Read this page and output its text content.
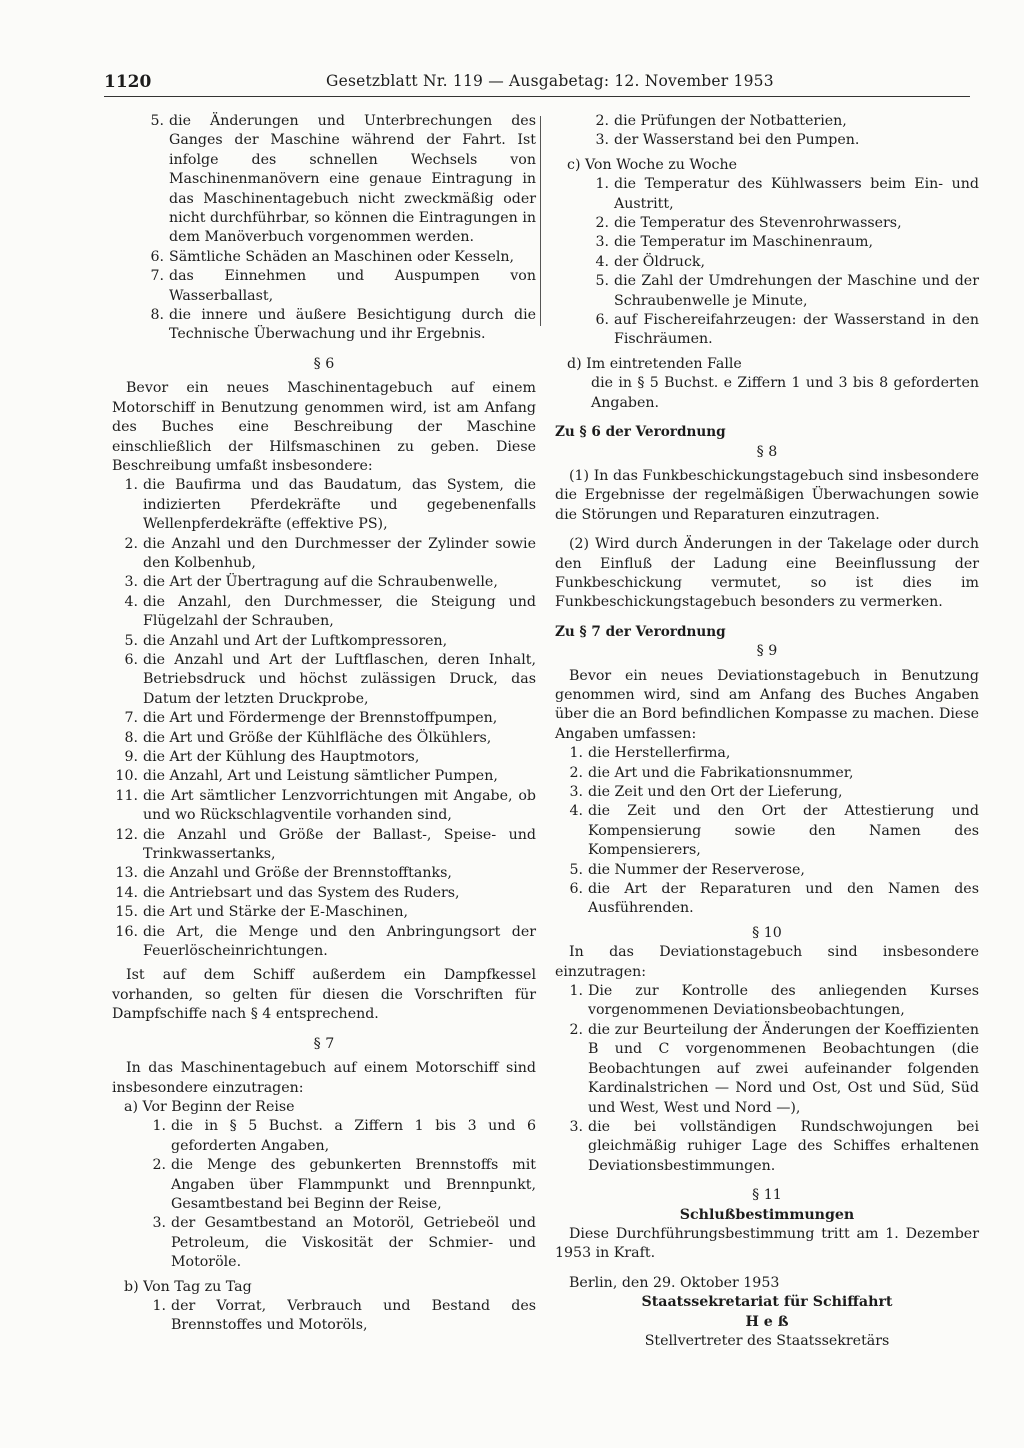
1120	Gesetzblatt Nr. 119 — Ausgabetag: 12. November 1953
5. die Änderungen und Unterbrechungen des Ganges der Maschine während der Fahrt. Ist infolge des schnellen Wechsels von Maschinenmanövern eine genaue Eintragung in das Maschinentagebuch nicht zweckmäßig oder nicht durchführbar, so können die Eintragungen in dem Manöverbuch vorgenommen werden.
6. Sämtliche Schäden an Maschinen oder Kesseln,
7. das Einnehmen und Auspumpen von Wasserballast,
8. die innere und äußere Besichtigung durch die Technische Überwachung und ihr Ergebnis.
§ 6
Bevor ein neues Maschinentagebuch auf einem Motorschiff in Benutzung genommen wird, ist am Anfang des Buches eine Beschreibung der Maschine einschließlich der Hilfsmaschinen zu geben. Diese Beschreibung umfaßt insbesondere:
1. die Baufirma und das Baudatum, das System, die indizierten Pferdekräfte und gegebenenfalls Wellenpferdekräfte (effektive PS),
2. die Anzahl und den Durchmesser der Zylinder sowie den Kolbenhub,
3. die Art der Übertragung auf die Schraubenwelle,
4. die Anzahl, den Durchmesser, die Steigung und Flügelzahl der Schrauben,
5. die Anzahl und Art der Luftkompressoren,
6. die Anzahl und Art der Luftflaschen, deren Inhalt, Betriebsdruck und höchst zulässigen Druck, das Datum der letzten Druckprobe,
7. die Art und Fördermenge der Brennstoffpumpen,
8. die Art und Größe der Kühlfläche des Ölkühlers,
9. die Art der Kühlung des Hauptmotors,
10. die Anzahl, Art und Leistung sämtlicher Pumpen,
11. die Art sämtlicher Lenzvorrichtungen mit Angabe, ob und wo Rückschlagventile vorhanden sind,
12. die Anzahl und Größe der Ballast-, Speise- und Trinkwassertanks,
13. die Anzahl und Größe der Brennstofftanks,
14. die Antriebsart und das System des Ruders,
15. die Art und Stärke der E-Maschinen,
16. die Art, die Menge und den Anbringungsort der Feuerlöscheinrichtungen.
Ist auf dem Schiff außerdem ein Dampfkessel vorhanden, so gelten für diesen die Vorschriften für Dampfschiffe nach § 4 entsprechend.
§ 7
In das Maschinentagebuch auf einem Motorschiff sind insbesondere einzutragen:
a) Vor Beginn der Reise
1. die in § 5 Buchst. a Ziffern 1 bis 3 und 6 geforderten Angaben,
2. die Menge des gebunkerten Brennstoffs mit Angaben über Flammpunkt und Brennpunkt, Gesamtbestand bei Beginn der Reise,
3. der Gesamtbestand an Motoröl, Getriebeöl und Petroleum, die Viskosität der Schmier- und Motoröle.
b) Von Tag zu Tag
1. der Vorrat, Verbrauch und Bestand des Brennstoffes und Motoröls,
2. die Prüfungen der Notbatterien,
3. der Wasserstand bei den Pumpen.
c) Von Woche zu Woche
1. die Temperatur des Kühlwassers beim Ein- und Austritt,
2. die Temperatur des Stevenrohrwassers,
3. die Temperatur im Maschinenraum,
4. der Öldruck,
5. die Zahl der Umdrehungen der Maschine und der Schraubenwelle je Minute,
6. auf Fischereifahrzeugen: der Wasserstand in den Fischräumen.
d) Im eintretenden Falle
die in § 5 Buchst. e Ziffern 1 und 3 bis 8 geforderten Angaben.
Zu § 6 der Verordnung
§ 8
(1) In das Funkbeschickungstagebuch sind insbesondere die Ergebnisse der regelmäßigen Überwachungen sowie die Störungen und Reparaturen einzutragen.
(2) Wird durch Änderungen in der Takelage oder durch den Einfluß der Ladung eine Beeinflussung der Funkbeschickung vermutet, so ist dies im Funkbeschickungstagebuch besonders zu vermerken.
Zu § 7 der Verordnung
§ 9
Bevor ein neues Deviationstagebuch in Benutzung genommen wird, sind am Anfang des Buches Angaben über die an Bord befindlichen Kompasse zu machen. Diese Angaben umfassen:
1. die Herstellerfirma,
2. die Art und die Fabrikationsnummer,
3. die Zeit und den Ort der Lieferung,
4. die Zeit und den Ort der Attestierung und Kompensierung sowie den Namen des Kompensierers,
5. die Nummer der Reserverose,
6. die Art der Reparaturen und den Namen des Ausführenden.
§ 10
In das Deviationstagebuch sind insbesondere einzutragen:
1. Die zur Kontrolle des anliegenden Kurses vorgenommenen Deviationsbeobachtungen,
2. die zur Beurteilung der Änderungen der Koeffizienten B und C vorgenommenen Beobachtungen (die Beobachtungen auf zwei aufeinander folgenden Kardinalstrichen — Nord und Ost, Ost und Süd, Süd und West, West und Nord —),
3. die bei vollständigen Rundschwojungen bei gleichmäßig ruhiger Lage des Schiffes erhaltenen Deviationsbestimmungen.
§ 11
Schlußbestimmungen
Diese Durchführungsbestimmung tritt am 1. Dezember 1953 in Kraft.
Berlin, den 29. Oktober 1953
Staatssekretariat für Schiffahrt
H e ß
Stellvertreter des Staatssekretärs
